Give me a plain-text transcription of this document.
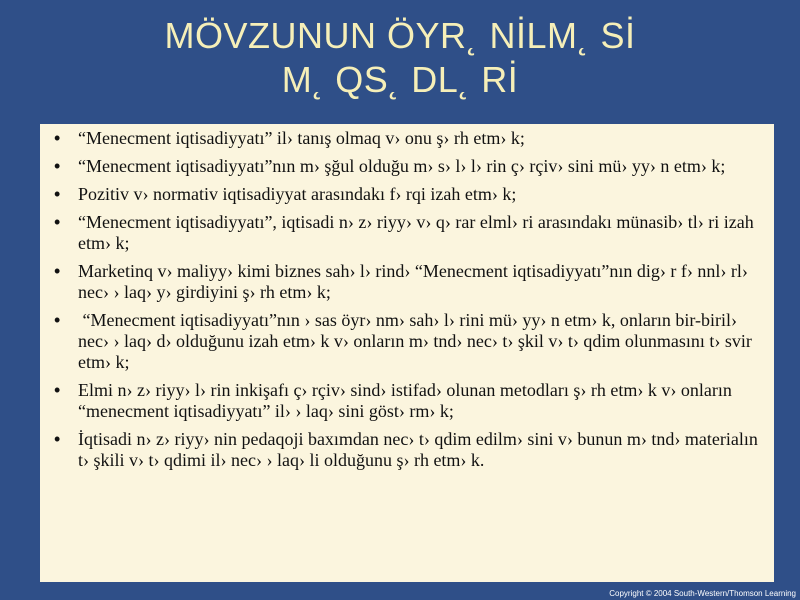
MÖVZUNUN ÖYR˛ NİLM˛ Sİ
M˛ QS˛ DL˛ Rİ
• “Menecment iqtisadiyyatı” il› tanış olmaq v› onu ş› rh etm› k;
• “Menecment iqtisadiyyatı”nın m› şğul olduğu m› s› l› l› rin ç› rçiv› sini mü› yy› n etm› k;
• Pozitiv v› normativ iqtisadiyyat arasındakı f› rqi izah etm› k;
• “Menecment iqtisadiyyatı”, iqtisadi n› z› riyy› v› q› rar elml› ri arasındakı münasib› tl› ri izah etm› k;
• Marketinq v› maliyy› kimi biznes sah› l› rind› “Menecment iqtisadiyyatı”nın dig› r f› nnl› rl› nec› › laq› y› girdiyini ş› rh etm› k;
•  “Menecment iqtisadiyyatı”nın › sas öyr› nm› sah› l› rini mü› yy› n etm› k, onların bir-biril› nec› › laq› d› olduğunu izah etm› k v› onların m› tnd› nec› t› şkil v› t› qdim olunmasını t› svir etm› k;
• Elmi n› z› riyy› l› rin inkişafı ç› rçiv› sind› istifad› olunan metodları ş› rh etm› k v› onların “menecment iqtisadiyyatı” il› › laq› sini göst› rm› k;
• İqtisadi n› z› riyy› nin pedaqoji baxımdan nec› t› qdim edilm› sini v› bunun m› tnd› materialın t› şkili v› t› qdimi il› nec› › laq› li olduğunu ş› rh etm› k.
Copyright © 2004 South-Western/Thomson Learning
